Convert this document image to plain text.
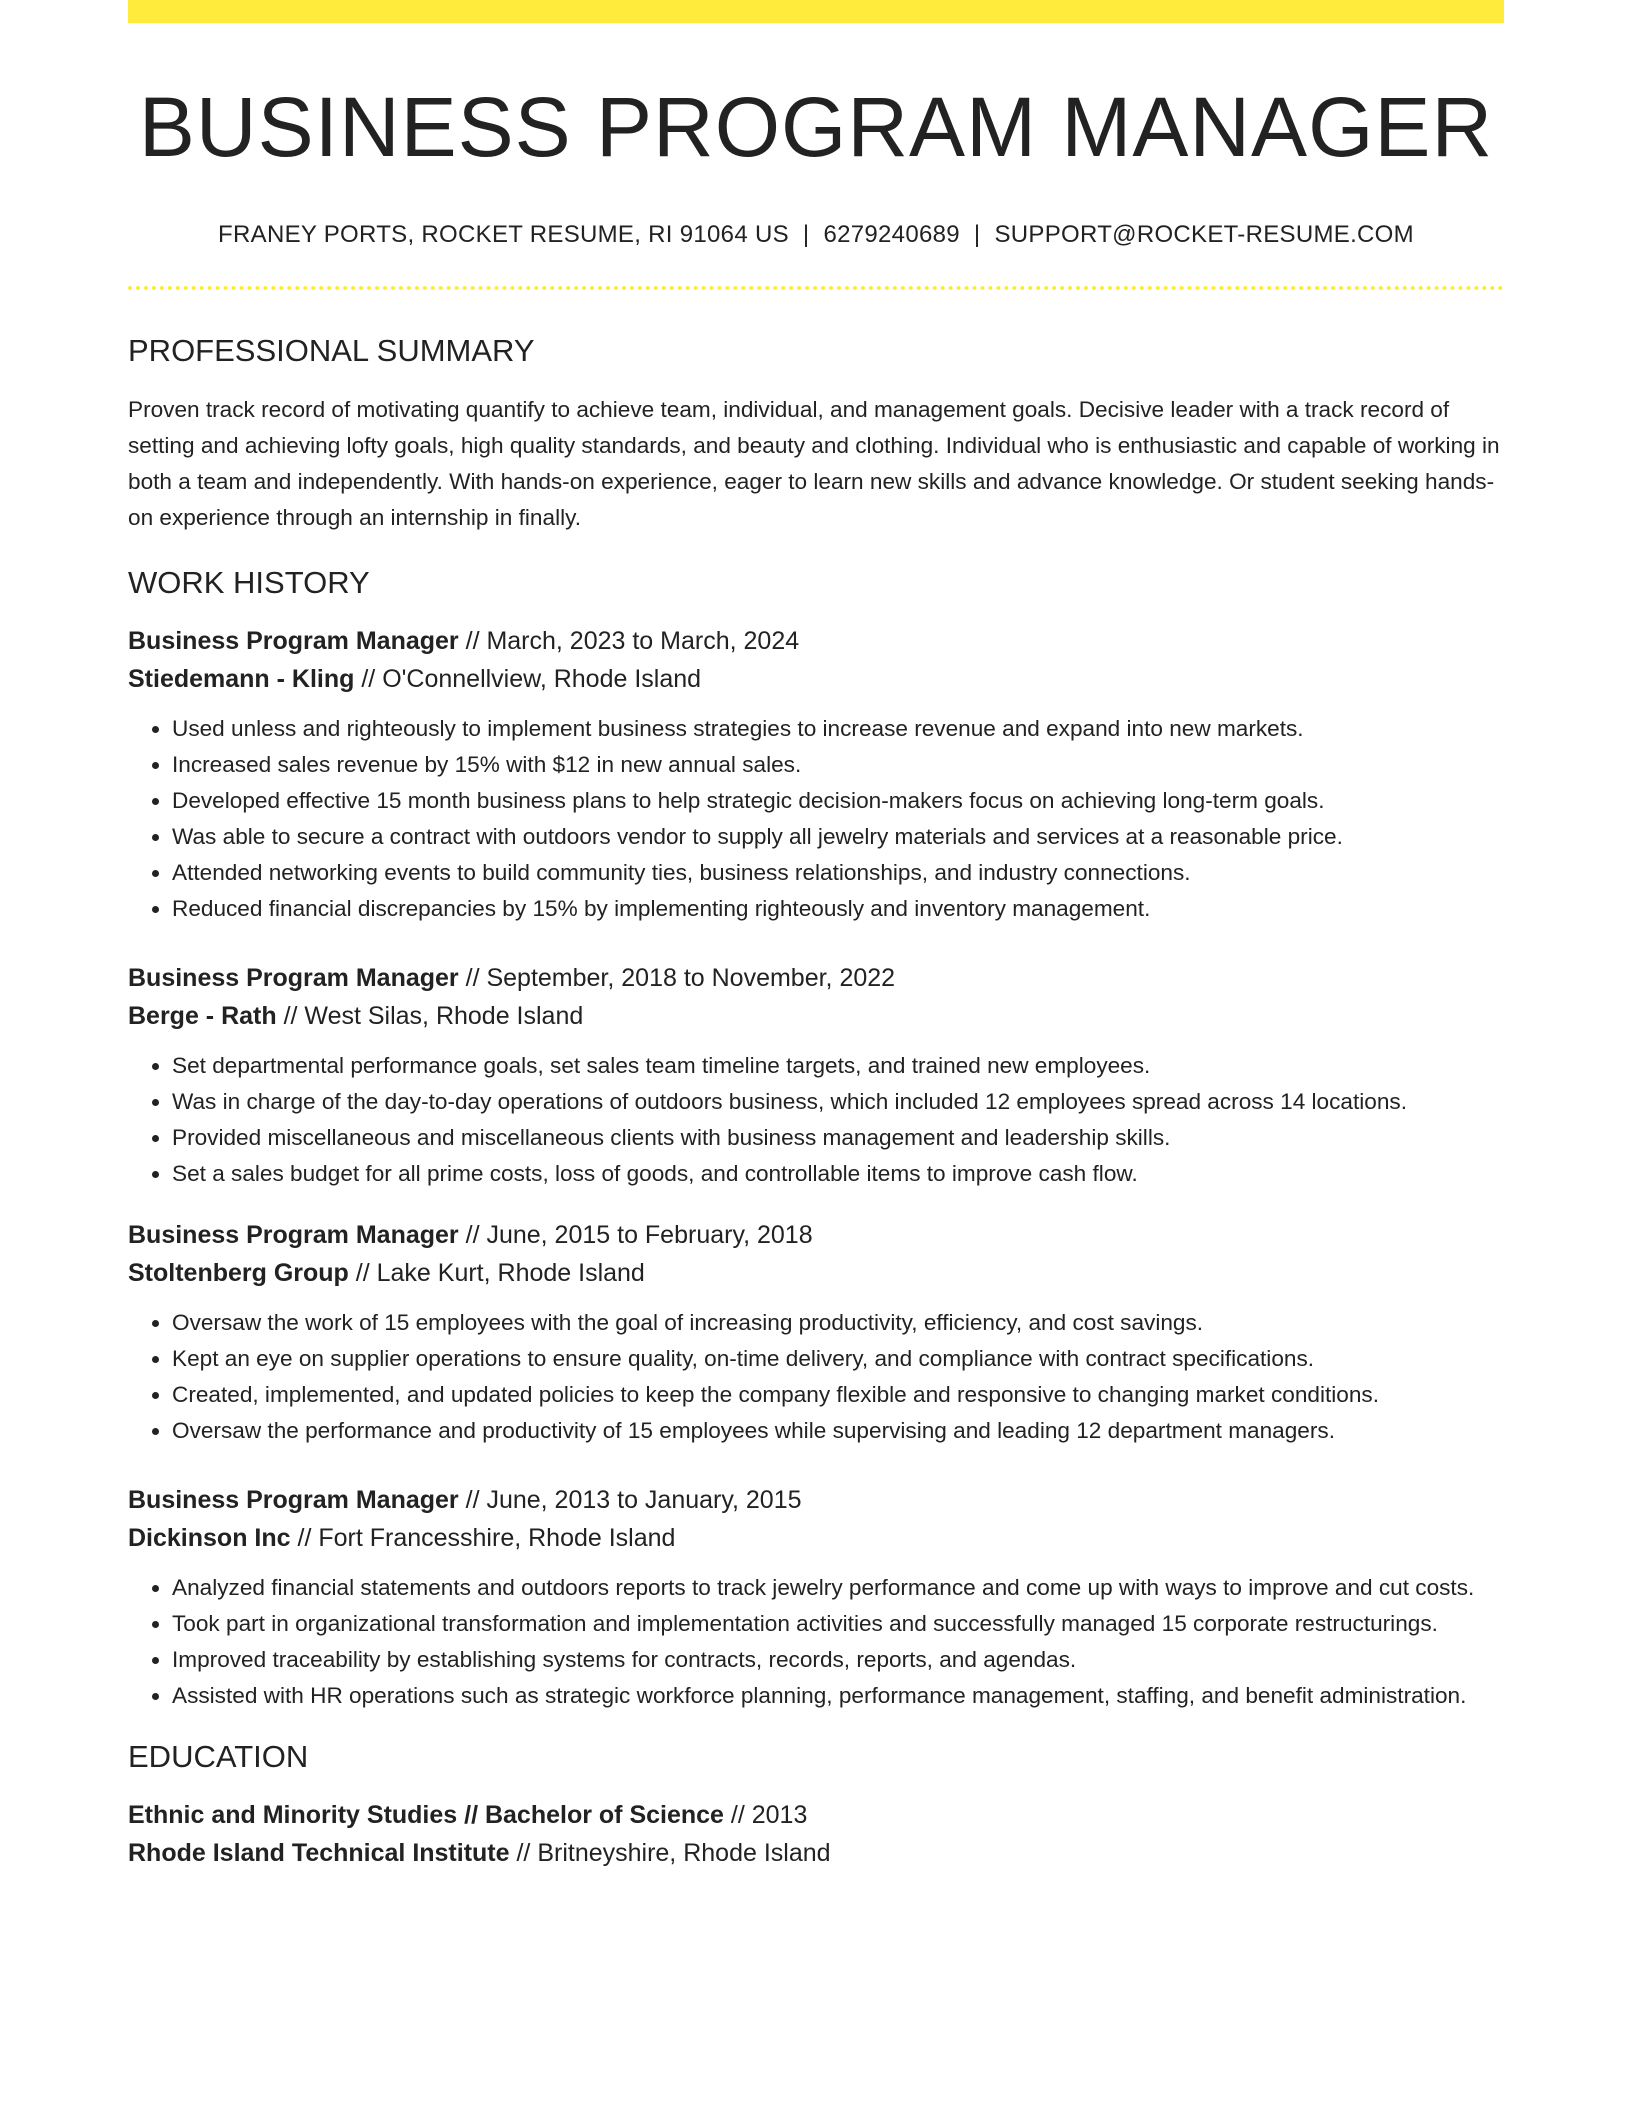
BUSINESS PROGRAM MANAGER
FRANEY PORTS, ROCKET RESUME, RI 91064 US | 6279240689 | SUPPORT@ROCKET-RESUME.COM
PROFESSIONAL SUMMARY

Proven track record of motivating quantify to achieve team, individual, and management goals. Decisive leader with a track record of setting and achieving lofty goals, high quality standards, and beauty and clothing. Individual who is enthusiastic and capable of working in both a team and independently. With hands-on experience, eager to learn new skills and advance knowledge. Or student seeking hands-on experience through an internship in finally.

WORK HISTORY
Business Program Manager // March, 2023 to March, 2024
Stiedemann - Kling // O'Connellview, Rhode Island
• Used unless and righteously to implement business strategies to increase revenue and expand into new markets.
• Increased sales revenue by 15% with $12 in new annual sales.
• Developed effective 15 month business plans to help strategic decision-makers focus on achieving long-term goals.
• Was able to secure a contract with outdoors vendor to supply all jewelry materials and services at a reasonable price.
• Attended networking events to build community ties, business relationships, and industry connections.
• Reduced financial discrepancies by 15% by implementing righteously and inventory management.
Business Program Manager // September, 2018 to November, 2022
Berge - Rath // West Silas, Rhode Island
• Set departmental performance goals, set sales team timeline targets, and trained new employees.
• Was in charge of the day-to-day operations of outdoors business, which included 12 employees spread across 14 locations.
• Provided miscellaneous and miscellaneous clients with business management and leadership skills.
• Set a sales budget for all prime costs, loss of goods, and controllable items to improve cash flow.
Business Program Manager // June, 2015 to February, 2018
Stoltenberg Group // Lake Kurt, Rhode Island
• Oversaw the work of 15 employees with the goal of increasing productivity, efficiency, and cost savings.
• Kept an eye on supplier operations to ensure quality, on-time delivery, and compliance with contract specifications.
• Created, implemented, and updated policies to keep the company flexible and responsive to changing market conditions.
• Oversaw the performance and productivity of 15 employees while supervising and leading 12 department managers.
Business Program Manager // June, 2013 to January, 2015
Dickinson Inc // Fort Francesshire, Rhode Island
• Analyzed financial statements and outdoors reports to track jewelry performance and come up with ways to improve and cut costs.
• Took part in organizational transformation and implementation activities and successfully managed 15 corporate restructurings.
• Improved traceability by establishing systems for contracts, records, reports, and agendas.
• Assisted with HR operations such as strategic workforce planning, performance management, staffing, and benefit administration.
EDUCATION
Ethnic and Minority Studies // Bachelor of Science // 2013
Rhode Island Technical Institute // Britneyshire, Rhode Island
